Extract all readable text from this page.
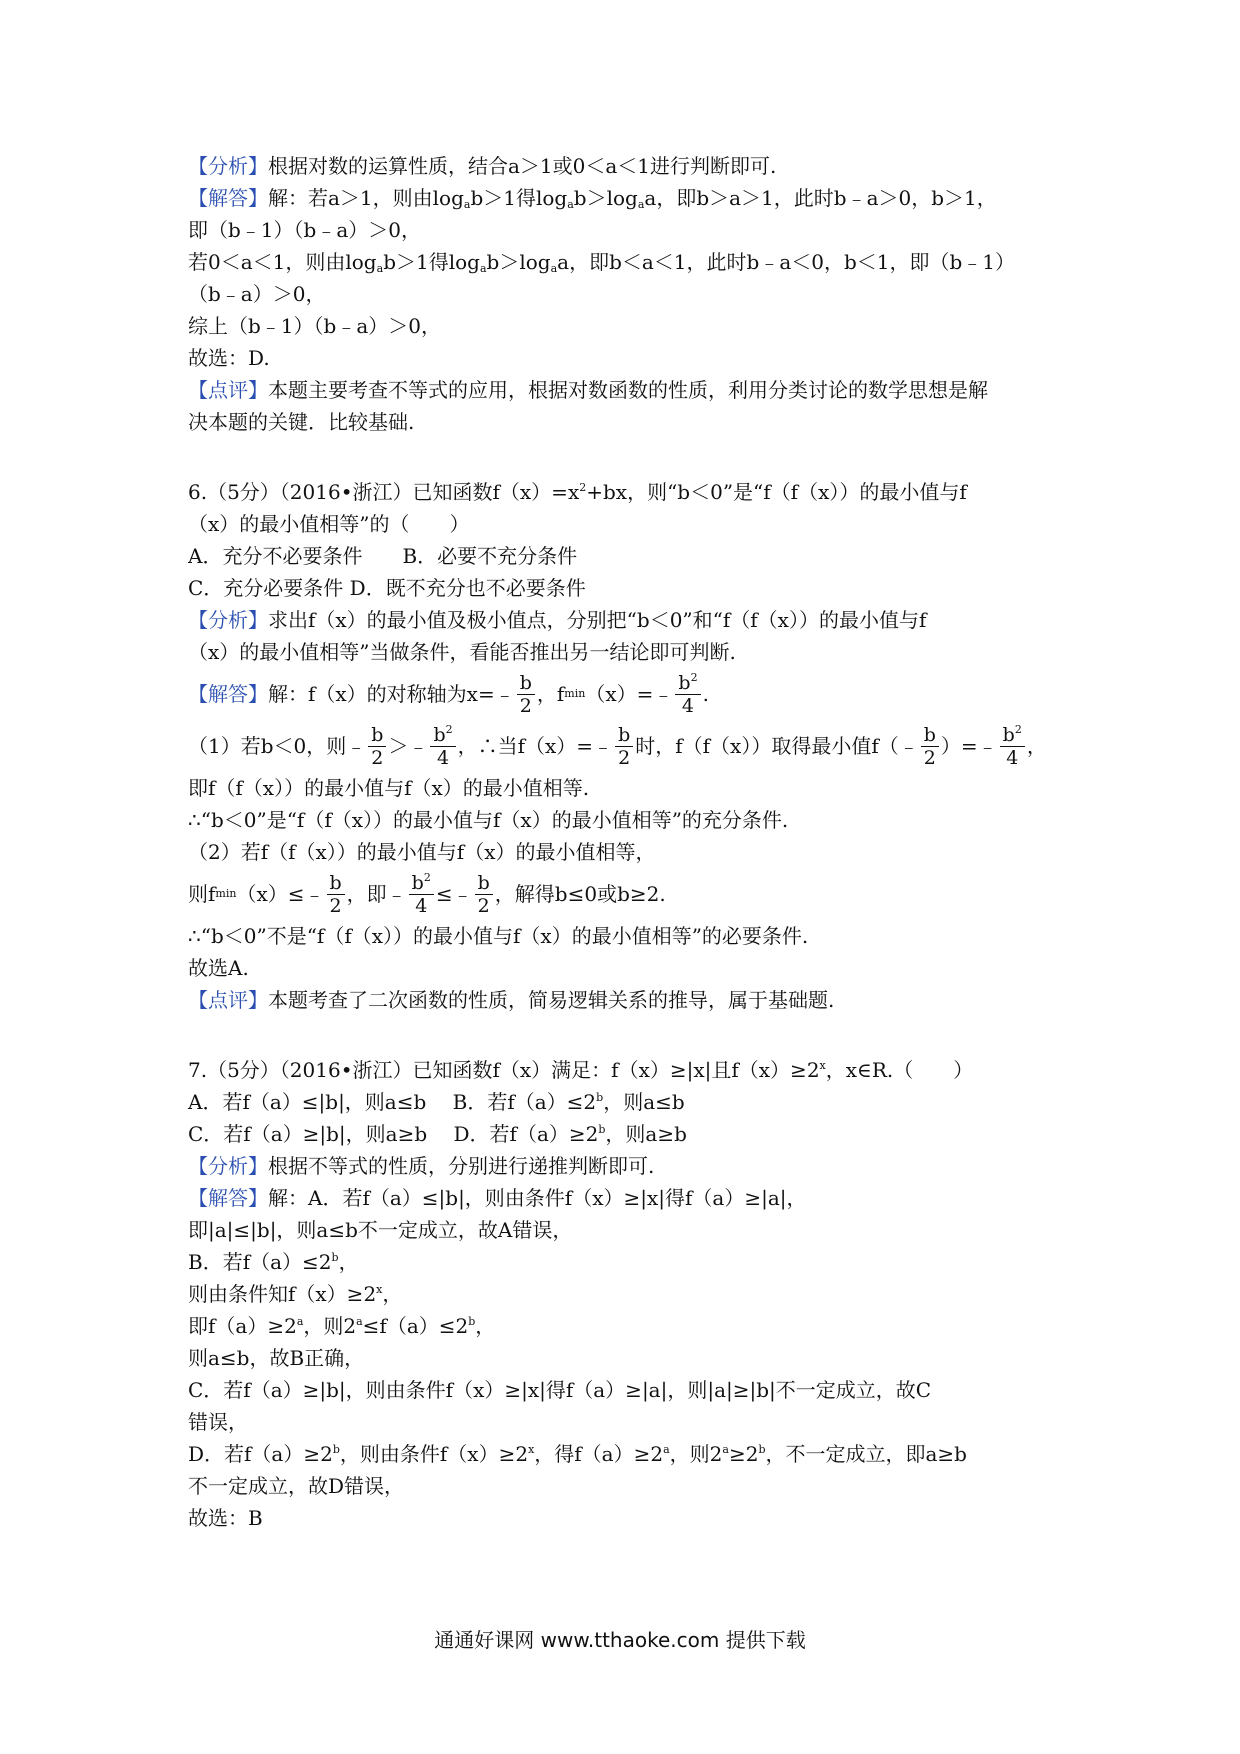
【分析】根据对数的运算性质，结合a＞1或0＜a＜1进行判断即可.
【解答】解：若a＞1，则由$\log_ab>1$得$\log_ab>\log_aa$，即b＞a＞1，此时b﹣a＞0，b＞1，
即（b﹣1）（b﹣a）＞0，
若0＜a＜1，则由$\log_ab>1$得$\log_ab>\log_aa$，即b＜a＜1，此时b﹣a＜0，b＜1，即（b﹣1）
（b﹣a）＞0，
综上（b﹣1）（b﹣a）＞0，
故选：D.
【点评】本题主要考查不等式的应用，根据对数函数的性质，利用分类讨论的数学思想是解
决本题的关键．比较基础.
6.（5分）（2016•浙江）已知函数$f(x)=x^2+bx$，则“b＜0”是“f（f（x））的最小值与f
（x）的最小值相等”的（　　）
A．充分不必要条件　　B．必要不充分条件
C．充分必要条件 D．既不充分也不必要条件
【分析】求出f（x）的最小值及极小值点，分别把“b＜0”和“f（f（x））的最小值与f
（x）的最小值相等”当做条件，看能否推出另一结论即可判断.
【解答】 解：f（x）的对称轴为x=﹣ $\frac{b}{2}$ ，f min （x）=﹣ $\frac{b^2}{4}$ .
（1）若b＜0，则﹣ $\frac{b}{2}$ ＞﹣ $\frac{b^2}{4}$ ，∴当f（x）=﹣ $\frac{b}{2}$ 时，f（f（x））取得最小值f（﹣ $\frac{b}{2}$ ）=﹣ $\frac{b^2}{4}$ ，
即f（f（x））的最小值与f（x）的最小值相等.
∴“b＜0”是“f（f（x））的最小值与f（x）的最小值相等”的充分条件.
（2）若f（f（x））的最小值与f（x）的最小值相等，
则f min （x）≤﹣ $\frac{b}{2}$ ，即﹣ $\frac{b^2}{4}$ ≤﹣ $\frac{b}{2}$ ，解得b≤0或b≥2.
∴“b＜0”不是“f（f（x））的最小值与f（x）的最小值相等”的必要条件.
故选A.
【点评】本题考查了二次函数的性质，简易逻辑关系的推导，属于基础题.
7.（5分）（2016•浙江）已知函数f（x）满足：f（x）≥|x|且$f(x)\ge 2^x$，x∈R.（　　）
A．若f（a）≤|b|，则a≤b　 B．若$f(a)\le 2^b$，则a≤b
C．若f（a）≥|b|，则a≥b　 D．若$f(a)\ge 2^b$，则a≥b
【分析】根据不等式的性质，分别进行递推判断即可.
【解答】解：A．若f（a）≤|b|，则由条件f（x）≥|x|得f（a）≥|a|，
即|a|≤|b|，则a≤b不一定成立，故A错误，
B．若$f(a)\le 2^b$，
则由条件知$f(x)\ge 2^x$，
即$f(a)\ge 2^a$，则$2^a\le f(a)\le 2^b$，
则a≤b，故B正确，
C．若f（a）≥|b|，则由条件f（x）≥|x|得f（a）≥|a|，则|a|≥|b|不一定成立，故C
错误，
D．若$f(a)\ge 2^b$，则由条件$f(x)\ge 2^x$，得$f(a)\ge 2^a$，则$2^a\ge 2^b$，不一定成立，即a≥b
不一定成立，故D错误，
故选：B
通通好课网 www.tthaoke.com 提供下载
